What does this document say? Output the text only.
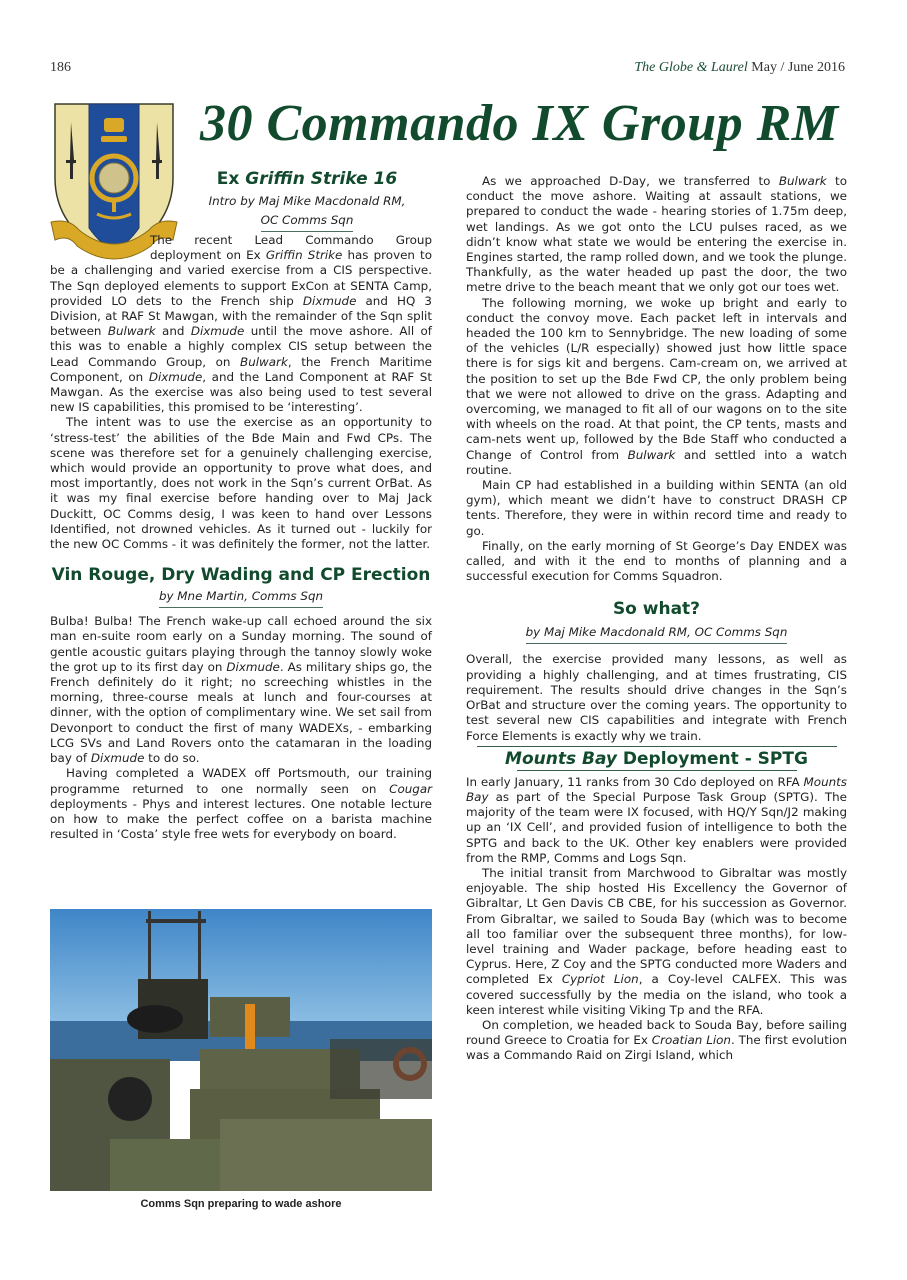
186	The Globe & Laurel May / June 2016
30 Commando IX Group RM
Ex Griffin Strike 16
Intro by Maj Mike Macdonald RM,
OC Comms Sqn

The recent Lead Commando Group deployment on Ex Griffin Strike has proven to be a challenging and varied exercise from a CIS perspective. The Sqn deployed elements to support ExCon at SENTA Camp, provided LO dets to the French ship Dixmude and HQ 3 Division, at RAF St Mawgan, with the remainder of the Sqn split between Bulwark and Dixmude until the move ashore. All of this was to enable a highly complex CIS setup between the Lead Commando Group, on Bulwark, the French Maritime Component, on Dixmude, and the Land Component at RAF St Mawgan. As the exercise was also being used to test several new IS capabilities, this promised to be ‘interesting’.

The intent was to use the exercise as an opportunity to ‘stress-test’ the abilities of the Bde Main and Fwd CPs. The scene was therefore set for a genuinely challenging exercise, which would provide an opportunity to prove what does, and most importantly, does not work in the Sqn’s current OrBat. As it was my final exercise before handing over to Maj Jack Duckitt, OC Comms desig, I was keen to hand over Lessons Identified, not drowned vehicles. As it turned out - luckily for the new OC Comms - it was definitely the former, not the latter.

Vin Rouge, Dry Wading and CP Erection
by Mne Martin, Comms Sqn

Bulba! Bulba! The French wake-up call echoed around the six man en-suite room early on a Sunday morning. The sound of gentle acoustic guitars playing through the tannoy slowly woke the grot up to its first day on Dixmude. As military ships go, the French definitely do it right; no screeching whistles in the morning, three-course meals at lunch and four-courses at dinner, with the option of complimentary wine. We set sail from Devonport to conduct the first of many WADEXs, - embarking LCG SVs and Land Rovers onto the catamaran in the loading bay of Dixmude to do so.

Having completed a WADEX off Portsmouth, our training programme returned to one normally seen on Cougar deployments - Phys and interest lectures. One notable lecture on how to make the perfect coffee on a barista machine resulted in ‘Costa’ style free wets for everybody on board.

Comms Sqn preparing to wade ashore

As we approached D-Day, we transferred to Bulwark to conduct the move ashore. Waiting at assault stations, we prepared to conduct the wade - hearing stories of 1.75m deep, wet landings. As we got onto the LCU pulses raced, as we didn’t know what state we would be entering the exercise in. Engines started, the ramp rolled down, and we took the plunge. Thankfully, as the water headed up past the door, the two metre drive to the beach meant that we only got our toes wet.

The following morning, we woke up bright and early to conduct the convoy move. Each packet left in intervals and headed the 100 km to Sennybridge. The new loading of some of the vehicles (L/R especially) showed just how little space there is for sigs kit and bergens. Cam-cream on, we arrived at the position to set up the Bde Fwd CP, the only problem being that we were not allowed to drive on the grass. Adapting and overcoming, we managed to fit all of our wagons on to the site with wheels on the road. At that point, the CP tents, masts and cam-nets went up, followed by the Bde Staff who conducted a Change of Control from Bulwark and settled into a watch routine.

Main CP had established in a building within SENTA (an old gym), which meant we didn’t have to construct DRASH CP tents. Therefore, they were in within record time and ready to go.

Finally, on the early morning of St George’s Day ENDEX was called, and with it the end to months of planning and a successful execution for Comms Squadron.

So what?
by Maj Mike Macdonald RM, OC Comms Sqn

Overall, the exercise provided many lessons, as well as providing a highly challenging, and at times frustrating, CIS requirement. The results should drive changes in the Sqn’s OrBat and structure over the coming years. The opportunity to test several new CIS capabilities and integrate with French Force Elements is exactly why we train.

Mounts Bay Deployment - SPTG

In early January, 11 ranks from 30 Cdo deployed on RFA Mounts Bay as part of the Special Purpose Task Group (SPTG). The majority of the team were IX focused, with HQ/Y Sqn/J2 making up an ‘IX Cell’, and provided fusion of intelligence to both the SPTG and back to the UK. Other key enablers were provided from the RMP, Comms and Logs Sqn.

The initial transit from Marchwood to Gibraltar was mostly enjoyable. The ship hosted His Excellency the Governor of Gibraltar, Lt Gen Davis CB CBE, for his succession as Governor. From Gibraltar, we sailed to Souda Bay (which was to become all too familiar over the subsequent three months), for low-level training and Wader package, before heading east to Cyprus. Here, Z Coy and the SPTG conducted more Waders and completed Ex Cypriot Lion, a Coy-level CALFEX. This was covered successfully by the media on the island, who took a keen interest while visiting Viking Tp and the RFA.

On completion, we headed back to Souda Bay, before sailing round Greece to Croatia for Ex Croatian Lion. The first evolution was a Commando Raid on Zirgi Island, which
